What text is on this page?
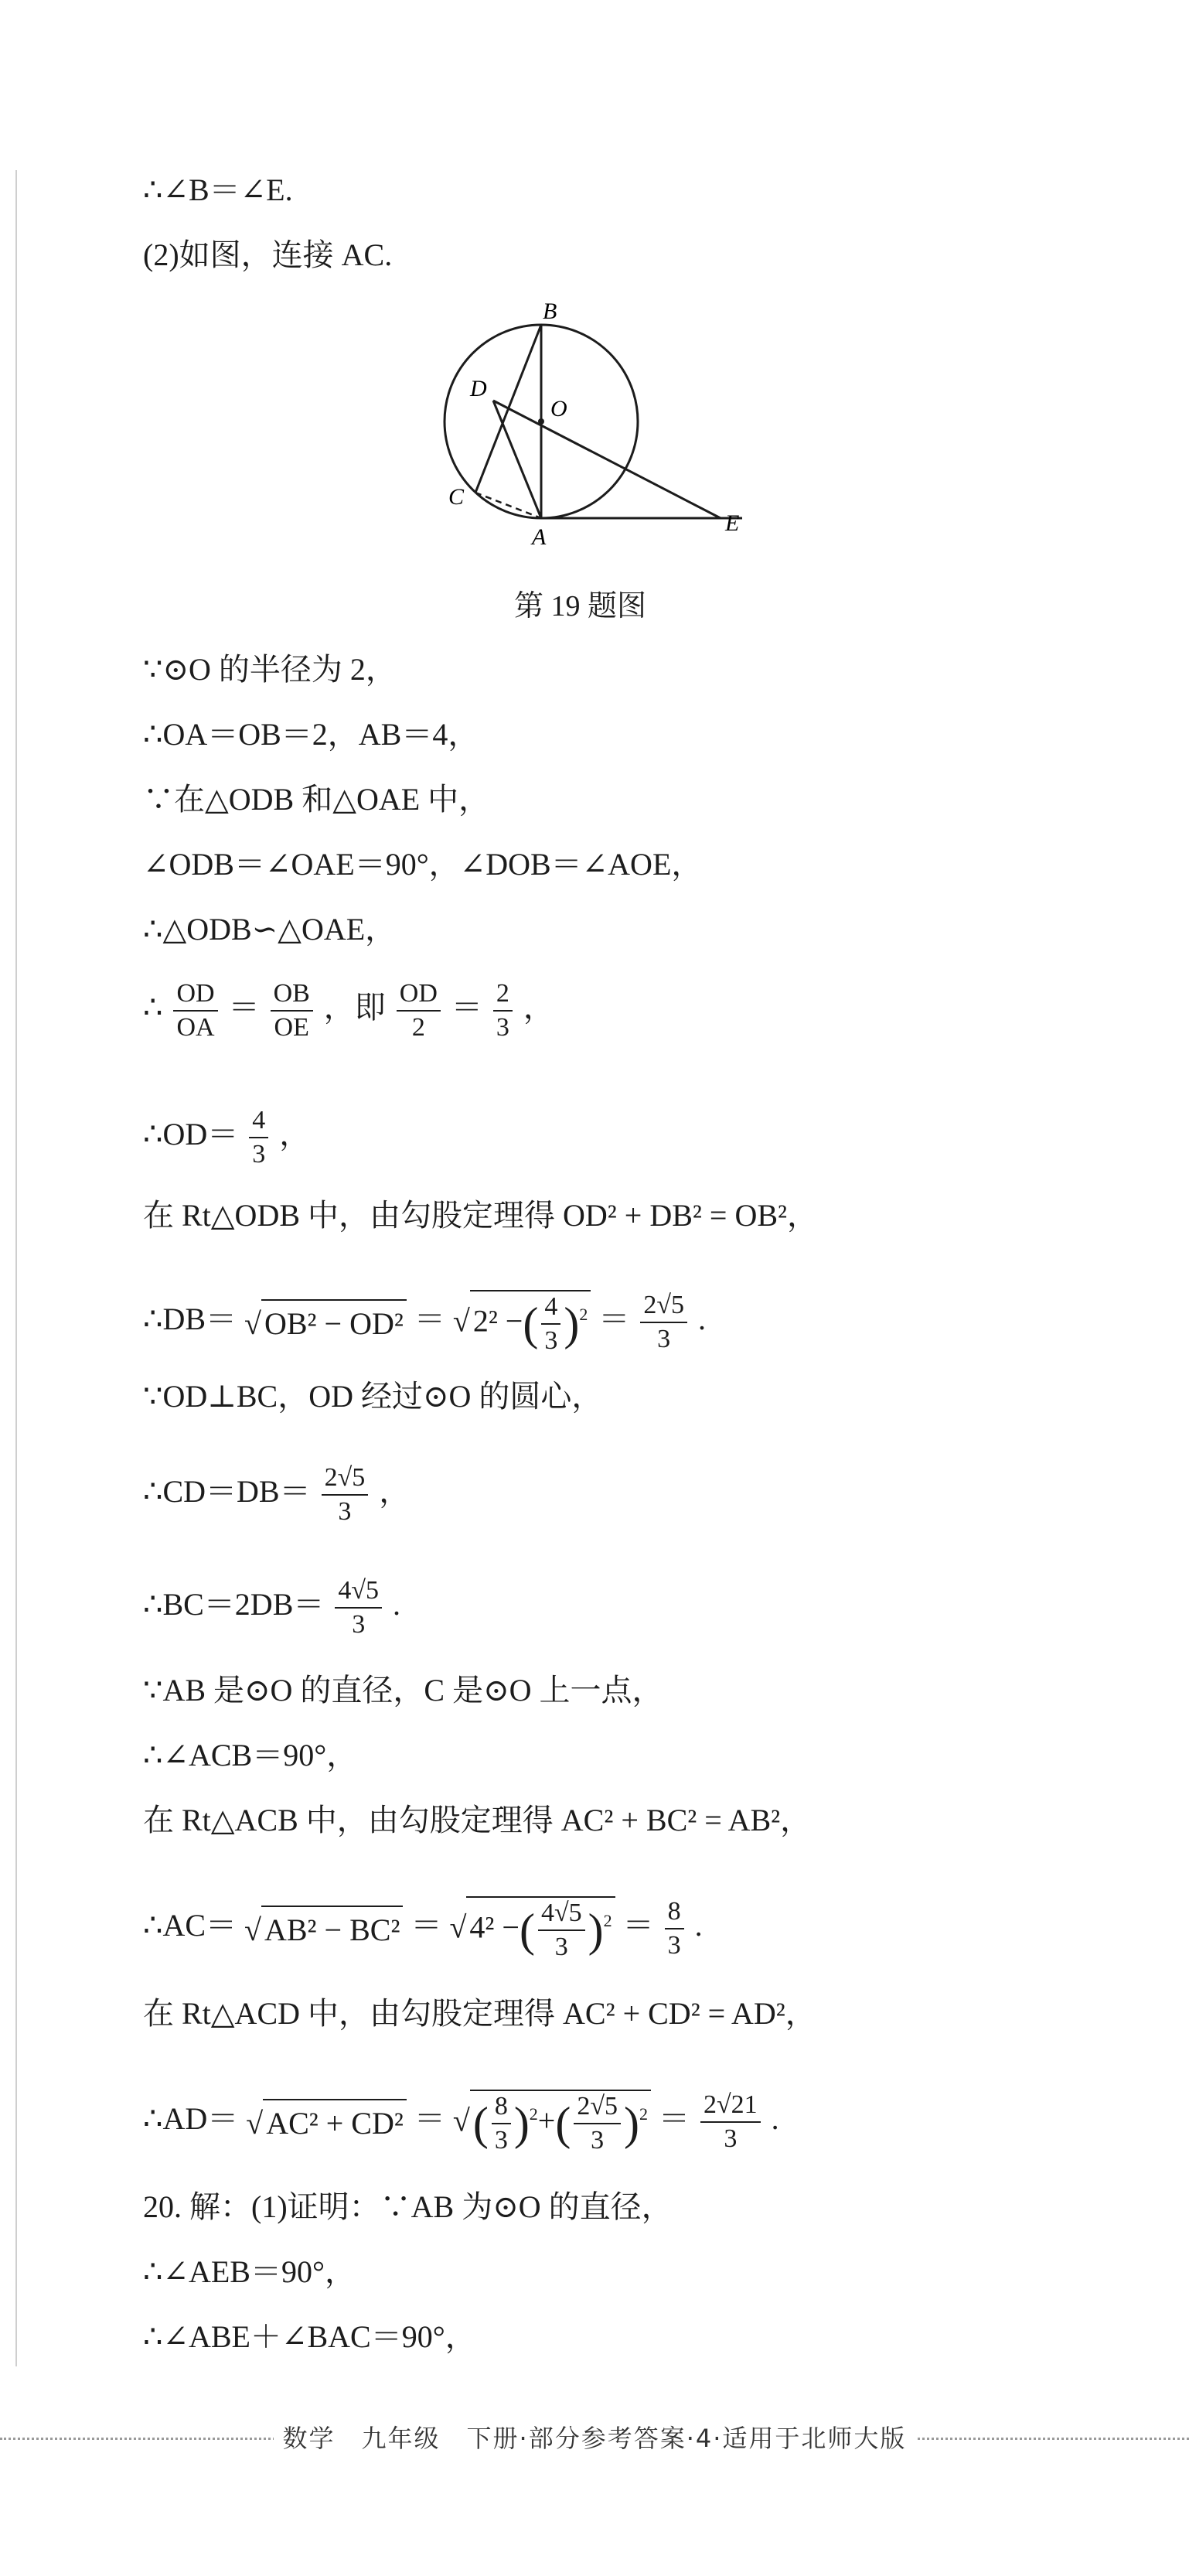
∴∠B＝∠E.
(2)如图，连接 AC.
B
D
O
C
A
E
第 19 题图
∵⊙O 的半径为 2，
∴OA＝OB＝2，AB＝4，
∵在△ODB 和△OAE 中，
∠ODB＝∠OAE＝90°，∠DOB＝∠AOE，
∴△ODB∽△OAE，
∴ $\frac{OD}{OA} = \frac{OB}{OE}$ ，即 $\frac{OD}{2} = \frac{2}{3}$ ，
∴OD＝ $\frac{4}{3}$ ，
在 Rt△ODB 中，由勾股定理得 OD² + DB² = OB²，
∴DB＝ √ OB² − OD² ＝ √ 2² −( $\frac{4}{3} )^2 = \frac{2√5}{3}$ .
∵OD⊥BC，OD 经过⊙O 的圆心，
∴CD＝DB＝ $\frac{2√5}{3}$ ，
∴BC＝2DB＝ $\frac{4√5}{3}$ .
∵AB 是⊙O 的直径，C 是⊙O 上一点，
∴∠ACB＝90°，
在 Rt△ACB 中，由勾股定理得 AC² + BC² = AB²，
∴AC＝ √ AB² − BC² ＝ √ 4² −( $\frac{4√5}{3} )^2 = \frac{8}{3}$ .
在 Rt△ACD 中，由勾股定理得 AC² + CD² = AD²，
∴AD＝ √ AC² + CD² ＝ √( $\frac{8}{3} )^2+( \frac{2√5}{3} )^2 = \frac{2√21}{3}$ .
20. 解：(1)证明：∵AB 为⊙O 的直径，
∴∠AEB＝90°，
∴∠ABE＋∠BAC＝90°，
数学　九年级　下册·部分参考答案·4·适用于北师大版
